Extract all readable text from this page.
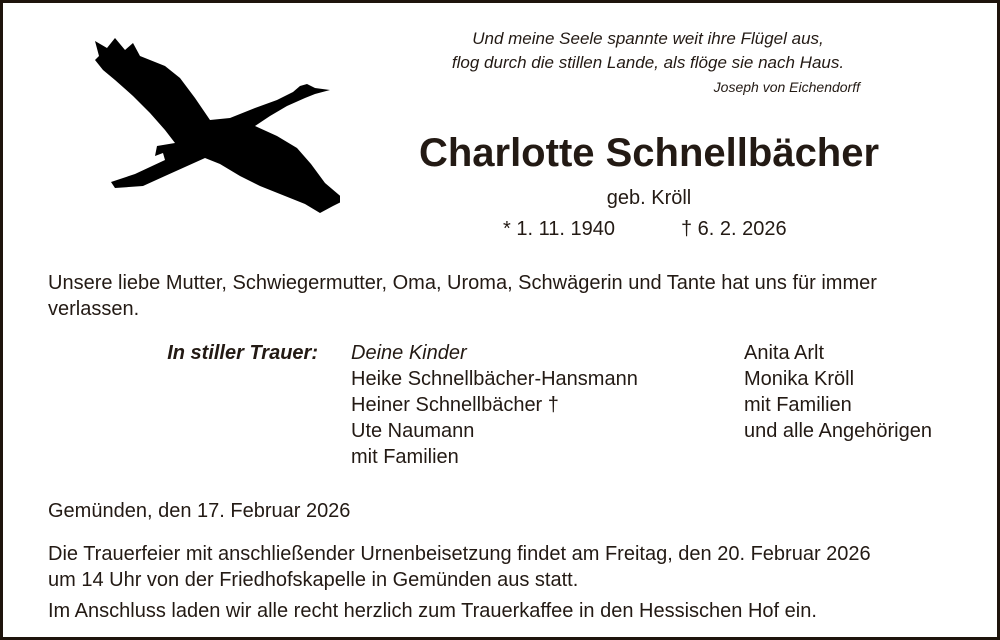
Und meine Seele spannte weit ihre Flügel aus,
flog durch die stillen Lande, als flöge sie nach Haus.
Joseph von Eichendorff
Charlotte Schnellbächer
geb. Kröll
* 1. 11. 1940	† 6. 2. 2026
Unsere liebe Mutter, Schwiegermutter, Oma, Uroma, Schwägerin und Tante hat uns für immer
verlassen.
In stiller Trauer: Deine Kinder
Heike Schnellbächer-Hansmann
Heiner Schnellbächer †
Ute Naumann
mit Familien
Anita Arlt
Monika Kröll
mit Familien
und alle Angehörigen
Gemünden, den 17. Februar 2026
Die Trauerfeier mit anschließender Urnenbeisetzung findet am Freitag, den 20. Februar 2026
um 14 Uhr von der Friedhofskapelle in Gemünden aus statt.
Im Anschluss laden wir alle recht herzlich zum Trauerkaffee in den Hessischen Hof ein.
